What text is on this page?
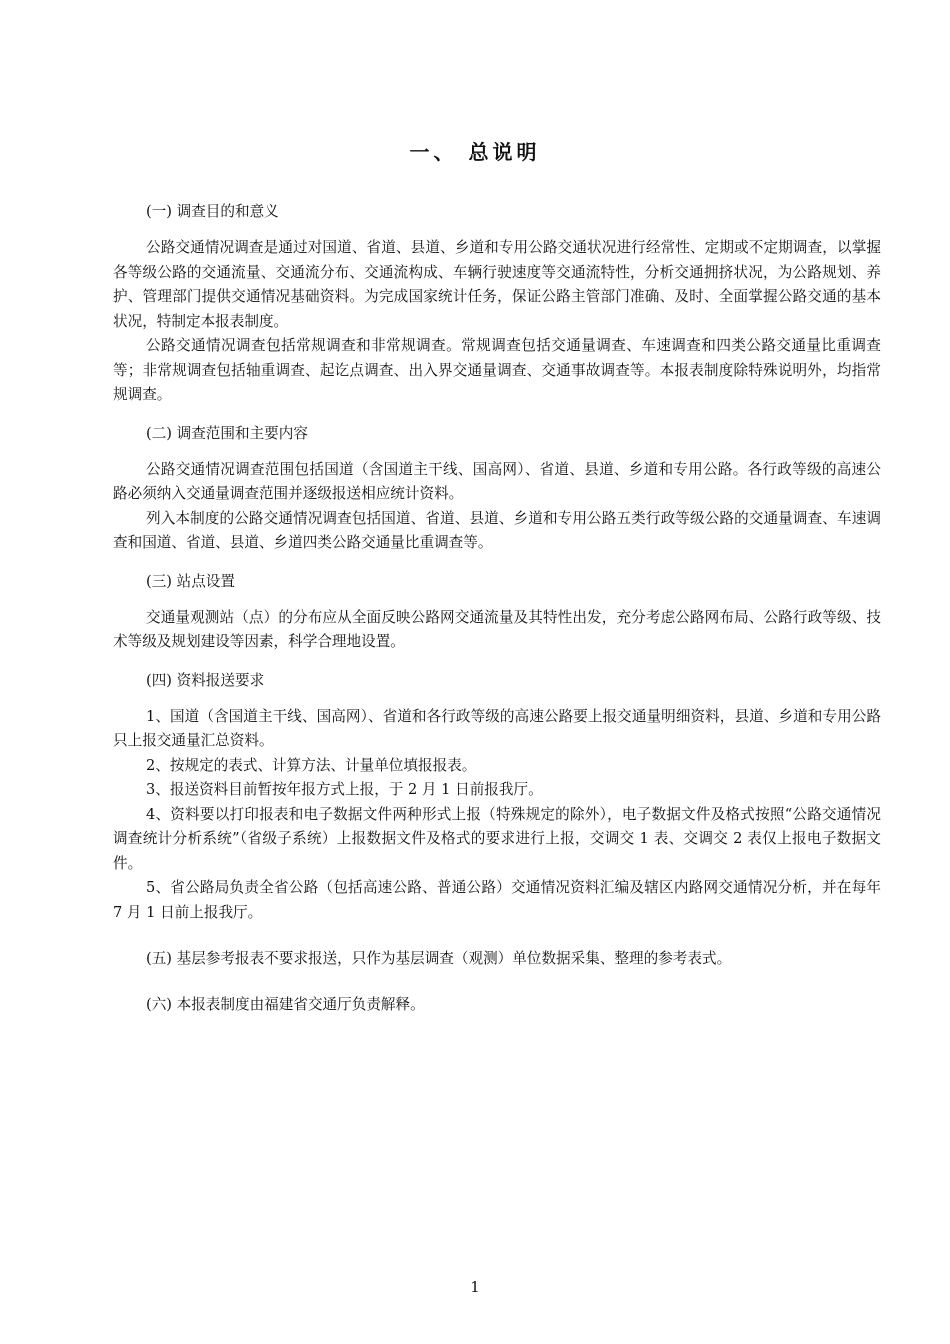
一、 总说明

(一) 调查目的和意义

公路交通情况调查是通过对国道、省道、县道、乡道和专用公路交通状况进行经常性、定期或不定期调查，以掌握各等级公路的交通流量、交通流分布、交通流构成、车辆行驶速度等交通流特性，分析交通拥挤状况，为公路规划、养护、管理部门提供交通情况基础资料。为完成国家统计任务，保证公路主管部门准确、及时、全面掌握公路交通的基本状况，特制定本报表制度。

公路交通情况调查包括常规调查和非常规调查。常规调查包括交通量调查、车速调查和四类公路交通量比重调查等；非常规调查包括轴重调查、起讫点调查、出入界交通量调查、交通事故调查等。本报表制度除特殊说明外，均指常规调查。

(二) 调查范围和主要内容

公路交通情况调查范围包括国道（含国道主干线、国高网）、省道、县道、乡道和专用公路。各行政等级的高速公路必须纳入交通量调查范围并逐级报送相应统计资料。

列入本制度的公路交通情况调查包括国道、省道、县道、乡道和专用公路五类行政等级公路的交通量调查、车速调查和国道、省道、县道、乡道四类公路交通量比重调查等。

(三) 站点设置

交通量观测站（点）的分布应从全面反映公路网交通流量及其特性出发，充分考虑公路网布局、公路行政等级、技术等级及规划建设等因素，科学合理地设置。

(四) 资料报送要求

1、国道（含国道主干线、国高网）、省道和各行政等级的高速公路要上报交通量明细资料，县道、乡道和专用公路只上报交通量汇总资料。

2、按规定的表式、计算方法、计量单位填报报表。

3、报送资料目前暂按年报方式上报，于 2 月 1 日前报我厅。

4、资料要以打印报表和电子数据文件两种形式上报（特殊规定的除外），电子数据文件及格式按照“公路交通情况调查统计分析系统”（省级子系统）上报数据文件及格式的要求进行上报，交调交 1 表、交调交 2 表仅上报电子数据文件。

5、省公路局负责全省公路（包括高速公路、普通公路）交通情况资料汇编及辖区内路网交通情况分析，并在每年 7 月 1 日前上报我厅。

(五) 基层参考报表不要求报送，只作为基层调查（观测）单位数据采集、整理的参考表式。

(六) 本报表制度由福建省交通厅负责解释。

1
